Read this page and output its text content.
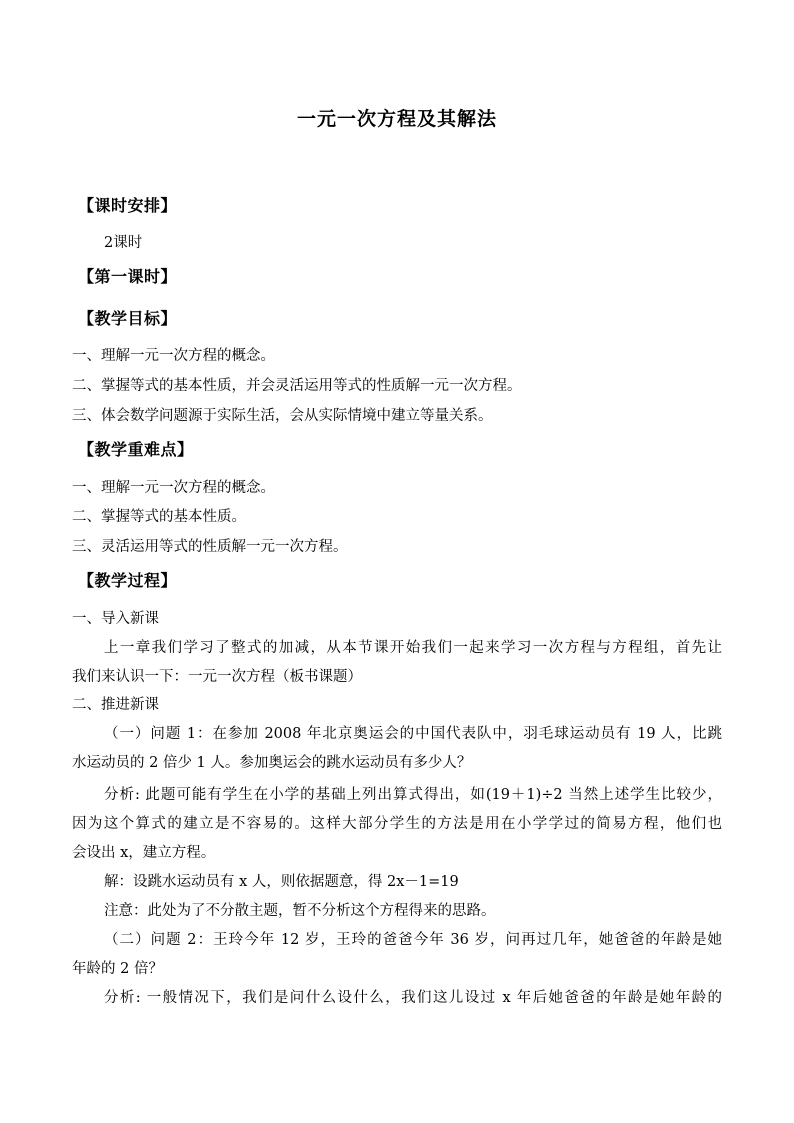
一元一次方程及其解法
【课时安排】
2课时
【第一课时】
【教学目标】
一、理解一元一次方程的概念。
二、掌握等式的基本性质，并会灵活运用等式的性质解一元一次方程。
三、体会数学问题源于实际生活，会从实际情境中建立等量关系。
【教学重难点】
一、理解一元一次方程的概念。
二、掌握等式的基本性质。
三、灵活运用等式的性质解一元一次方程。
【教学过程】
一、导入新课
上一章我们学习了整式的加减，从本节课开始我们一起来学习一次方程与方程组，首先让
我们来认识一下：一元一次方程（板书课题）
二、推进新课
（一）问题 1：在参加 2008 年北京奥运会的中国代表队中，羽毛球运动员有 19 人，比跳
水运动员的 2 倍少 1 人。参加奥运会的跳水运动员有多少人？
分析: 此题可能有学生在小学的基础上列出算式得出，如(19＋1)÷2 当然上述学生比较少，
因为这个算式的建立是不容易的。这样大部分学生的方法是用在小学学过的简易方程，他们也
会设出 x，建立方程。
解：设跳水运动员有 x 人，则依据题意，得 2x－1=19
注意：此处为了不分散主题，暂不分析这个方程得来的思路。
（二）问题 2：王玲今年 12 岁，王玲的爸爸今年 36 岁，问再过几年，她爸爸的年龄是她
年龄的 2 倍？
分析: 一般情况下，我们是问什么设什么，我们这儿设过 x 年后她爸爸的年龄是她年龄的
